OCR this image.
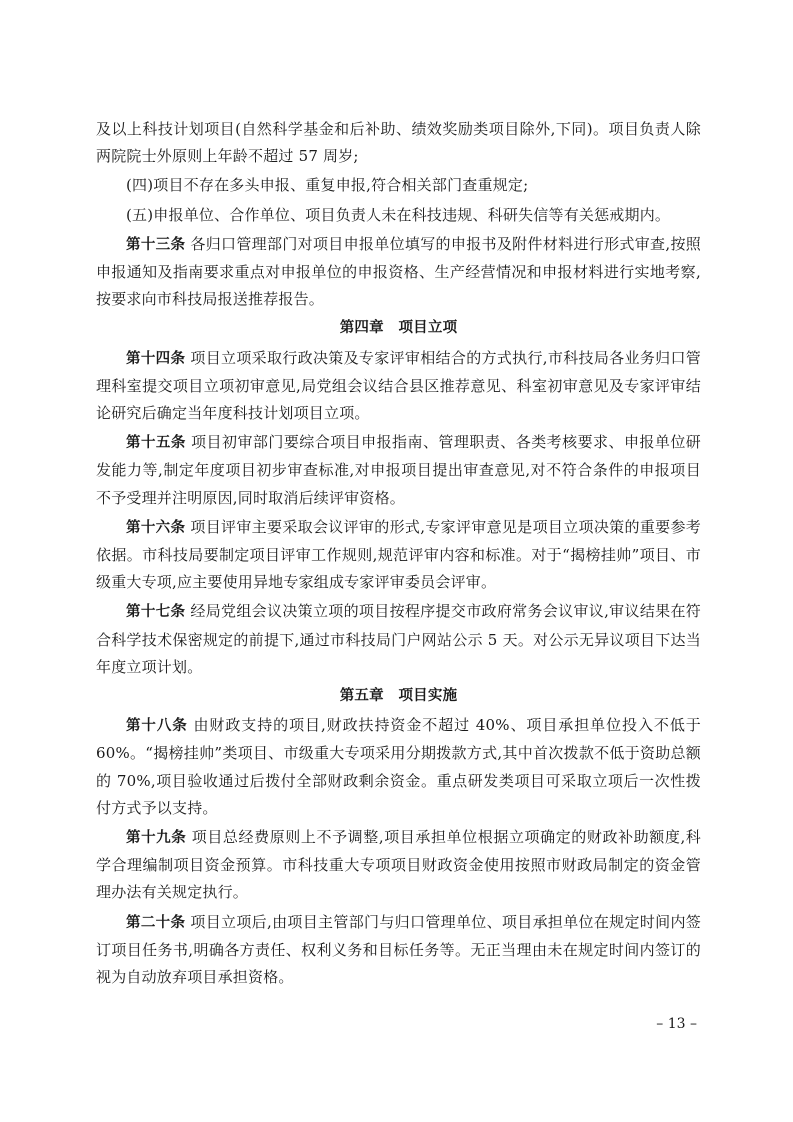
及以上科技计划项目(自然科学基金和后补助、绩效奖励类项目除外,下同)。项目负责人除两院院士外原则上年龄不超过 57 周岁;

(四)项目不存在多头申报、重复申报,符合相关部门查重规定;

(五)申报单位、合作单位、项目负责人未在科技违规、科研失信等有关惩戒期内。

第十三条 各归口管理部门对项目申报单位填写的申报书及附件材料进行形式审查,按照申报通知及指南要求重点对申报单位的申报资格、生产经营情况和申报材料进行实地考察,按要求向市科技局报送推荐报告。

第四章　项目立项

第十四条 项目立项采取行政决策及专家评审相结合的方式执行,市科技局各业务归口管理科室提交项目立项初审意见,局党组会议结合县区推荐意见、科室初审意见及专家评审结论研究后确定当年度科技计划项目立项。

第十五条 项目初审部门要综合项目申报指南、管理职责、各类考核要求、申报单位研发能力等,制定年度项目初步审查标准,对申报项目提出审查意见,对不符合条件的申报项目不予受理并注明原因,同时取消后续评审资格。

第十六条 项目评审主要采取会议评审的形式,专家评审意见是项目立项决策的重要参考依据。市科技局要制定项目评审工作规则,规范评审内容和标准。对于“揭榜挂帅”项目、市级重大专项,应主要使用异地专家组成专家评审委员会评审。

第十七条 经局党组会议决策立项的项目按程序提交市政府常务会议审议,审议结果在符合科学技术保密规定的前提下,通过市科技局门户网站公示 5 天。对公示无异议项目下达当年度立项计划。

第五章　项目实施

第十八条 由财政支持的项目,财政扶持资金不超过 40%、项目承担单位投入不低于 60%。“揭榜挂帅”类项目、市级重大专项采用分期拨款方式,其中首次拨款不低于资助总额的 70%,项目验收通过后拨付全部财政剩余资金。重点研发类项目可采取立项后一次性拨付方式予以支持。

第十九条 项目总经费原则上不予调整,项目承担单位根据立项确定的财政补助额度,科学合理编制项目资金预算。市科技重大专项项目财政资金使用按照市财政局制定的资金管理办法有关规定执行。

第二十条 项目立项后,由项目主管部门与归口管理单位、项目承担单位在规定时间内签订项目任务书,明确各方责任、权利义务和目标任务等。无正当理由未在规定时间内签订的视为自动放弃项目承担资格。

– 13 –
